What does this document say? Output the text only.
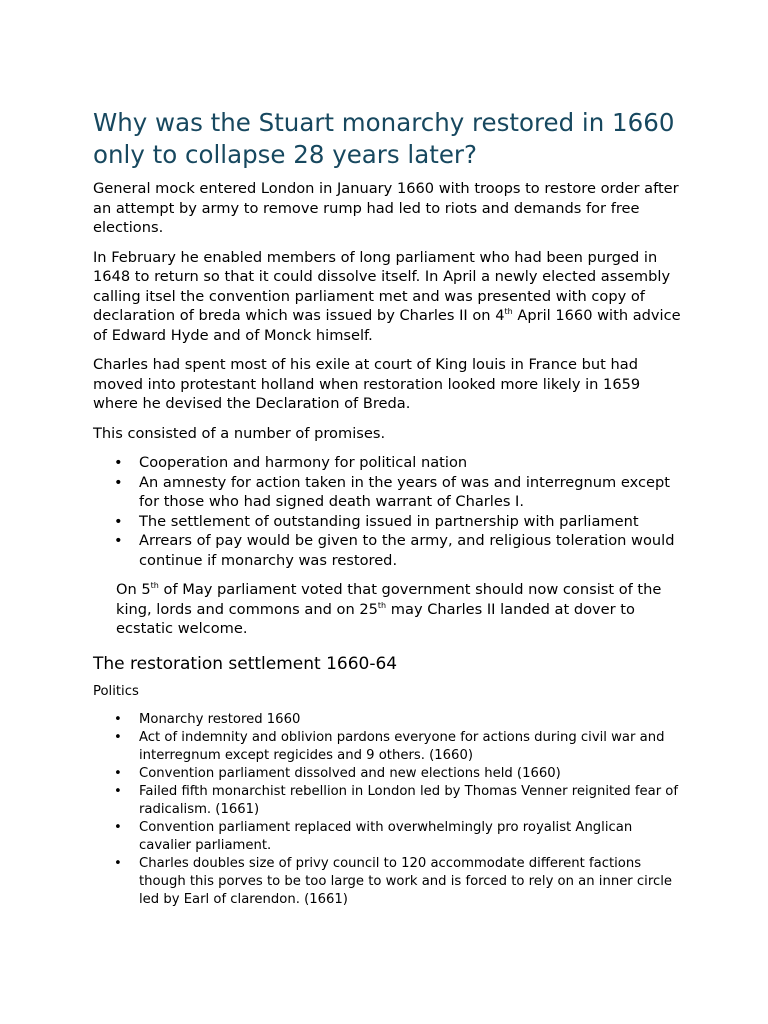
Why was the Stuart monarchy restored in 1660 only to collapse 28 years later?

General mock entered London in January 1660 with troops to restore order after an attempt by army to remove rump had led to riots and demands for free elections.

In February he enabled members of long parliament who had been purged in 1648 to return so that it could dissolve itself. In April a newly elected assembly calling itsel the convention parliament met and was presented with copy of declaration of breda which was issued by Charles II on 4th April 1660 with advice of Edward Hyde and of Monck himself.

Charles had spent most of his exile at court of King louis in France but had moved into protestant holland when restoration looked more likely in 1659 where he devised the Declaration of Breda.

This consisted of a number of promises.

• Cooperation and harmony for political nation
• An amnesty for action taken in the years of was and interregnum except for those who had signed death warrant of Charles I.
• The settlement of outstanding issued in partnership with parliament
• Arrears of pay would be given to the army, and religious toleration would continue if monarchy was restored.

On 5th of May parliament voted that government should now consist of the king, lords and commons and on 25th may Charles II landed at dover to ecstatic welcome.

The restoration settlement 1660-64

Politics

• Monarchy restored 1660
• Act of indemnity and oblivion pardons everyone for actions during civil war and interregnum except regicides and 9 others. (1660)
• Convention parliament dissolved and new elections held (1660)
• Failed fifth monarchist rebellion in London led by Thomas Venner reignited fear of radicalism. (1661)
• Convention parliament replaced with overwhelmingly pro royalist Anglican cavalier parliament.
• Charles doubles size of privy council to 120 accommodate different factions though this porves to be too large to work and is forced to rely on an inner circle led by Earl of clarendon. (1661)
